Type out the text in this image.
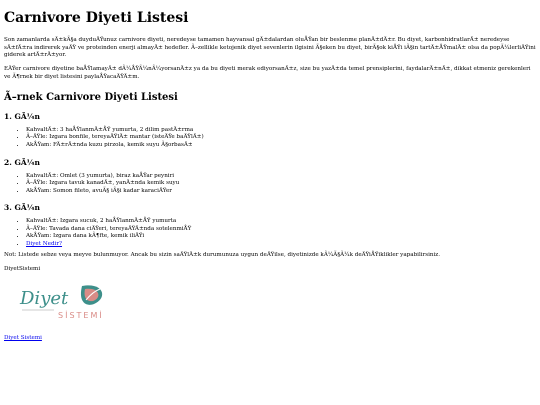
Carnivore Diyeti Listesi

Son zamanlarda sÄ±kÃ§a duyduÄŸunuz carnivore diyeti, neredeyse tamamen hayvansal gÄ±dalardan oluÅŸan bir beslenme planÄ±dÄ±r. Bu diyet, karbonhidratlarÄ± neredeyse sÄ±fÄ±ra indirerek yaÄŸ ve proteinden enerji almayÄ± hedefler. Ã–zellikle ketojenik diyet sevenlerin ilgisini Ã§eken bu diyet, birÃ§ok kiÅŸi iÃ§in tartÄ±ÅŸmalÄ± olsa da popÃ¼lerliÄŸini giderek artÄ±rÄ±yor.

EÄŸer carnivore diyetine baÅŸlamayÄ± dÃ¼ÅŸÃ¼nÃ¼yorsanÄ±z ya da bu diyeti merak ediyorsanÄ±z, size bu yazÄ±da temel prensiplerini, faydalarÄ±nÄ±, dikkat etmeniz gerekenleri ve Ã¶rnek bir diyet listesini paylaÅŸacaÄŸÄ±m.

Ã–rnek Carnivore Diyeti Listesi
1. GÃ¼n
• KahvaltÄ±: 3 haÅŸlanmÄ±ÅŸ yumurta, 2 dilim pastÄ±rma
• Ã–ÄŸle: Izgara bonfile, tereyaÄŸlÄ± mantar (isteÄŸe baÄŸlÄ±)
• AkÅŸam: FÄ±rÄ±nda kuzu pirzola, kemik suyu Ã§orbasÄ±
2. GÃ¼n
• KahvaltÄ±: Omlet (3 yumurta), biraz kaÅŸar peyniri
• Ã–ÄŸle: Izgara tavuk kanadÄ±, yanÄ±nda kemik suyu
• AkÅŸam: Somon fileto, avuÃ§ iÃ§i kadar karaciÄŸer
3. GÃ¼n
• KahvaltÄ±: Izgara sucuk, 2 haÅŸlanmÄ±ÅŸ yumurta
• Ã–ÄŸle: Tavada dana ciÄŸeri, tereyaÄŸÄ±nda sotelenmiÅŸ
• AkÅŸam: Izgara dana kÃ¶fte, kemik iliÄŸi
• Diyet Nedir?

Not: Listede sebze veya meyve bulunmuyor. Ancak bu sizin saÄŸlÄ±k durumunuza uygun deÄŸilse, diyetinizde kÃ¼Ã§Ã¼k deÄŸiÅŸiklikler yapabilirsiniz.

DiyetSistemi

Diyet
SİSTEMİ
Diyet Sistemi
